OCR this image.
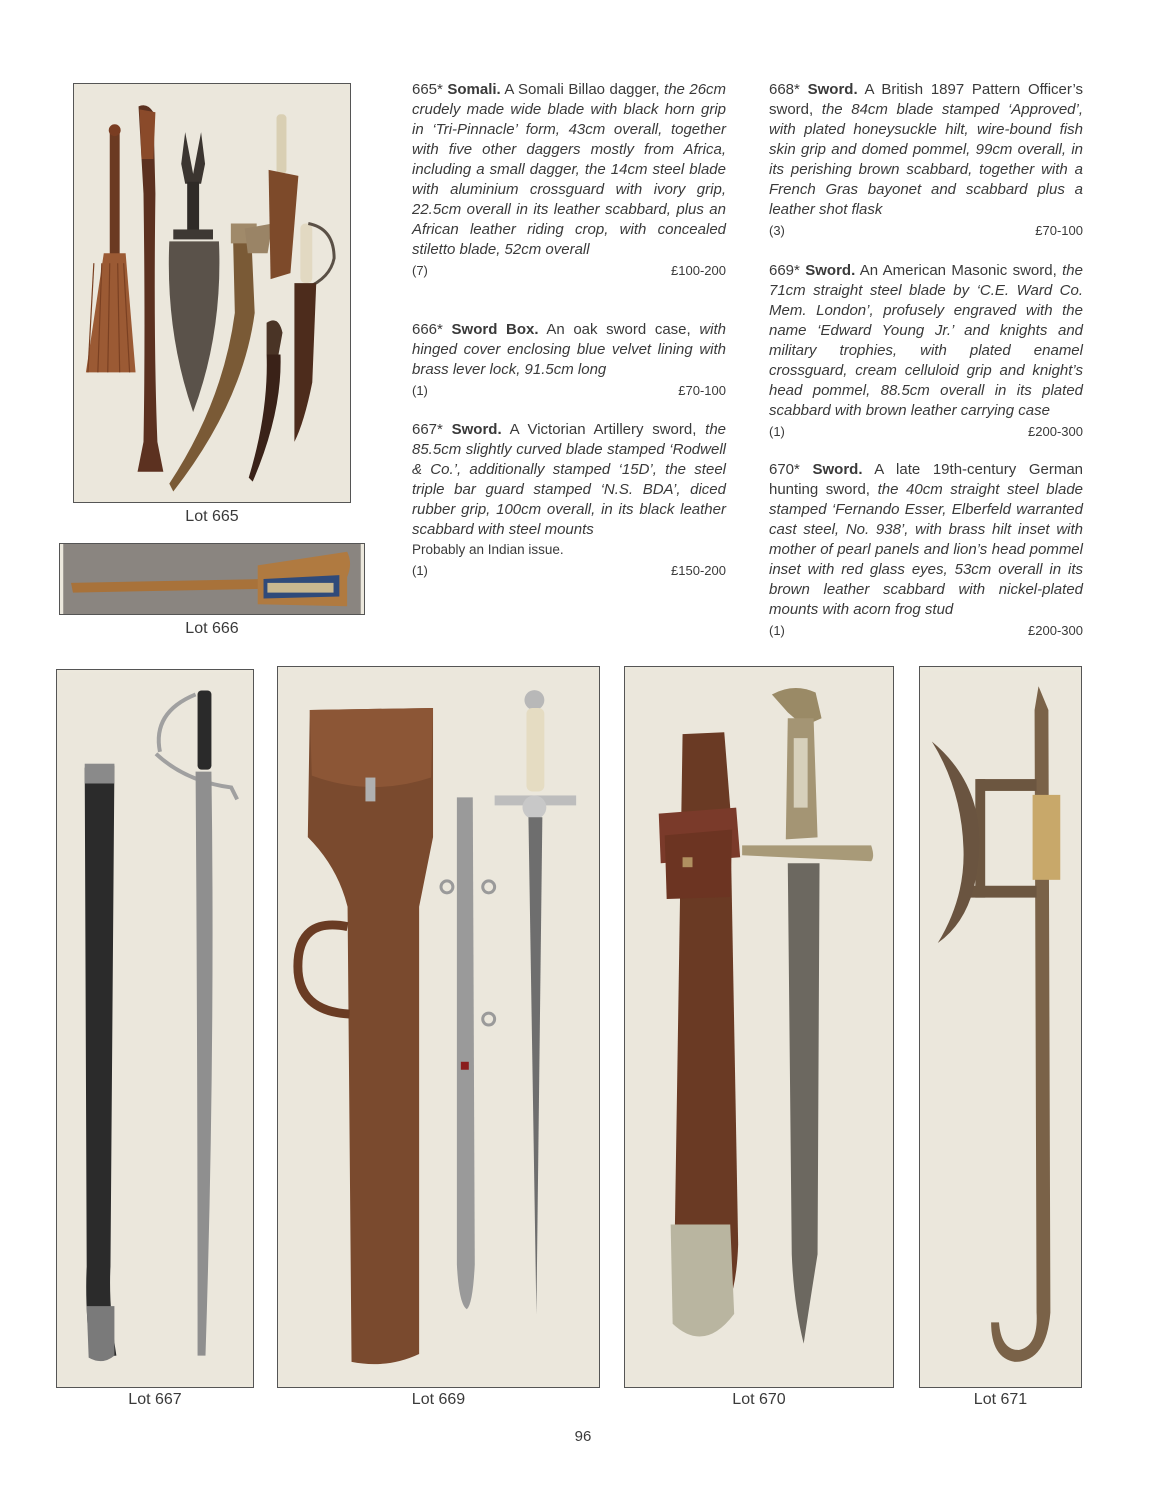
Lot 665
Lot 666
665* Somali. A Somali Billao dagger, the 26cm crudely made wide blade with black horn grip in ‘Tri-Pinnacle’ form, 43cm overall, together with five other daggers mostly from Africa, including a small dagger, the 14cm steel blade with aluminium crossguard with ivory grip, 22.5cm overall in its leather scabbard, plus an African leather riding crop, with concealed stiletto blade, 52cm overall
(7)	£100-200
666* Sword Box. An oak sword case, with hinged cover enclosing blue velvet lining with brass lever lock, 91.5cm long
(1)	£70-100
667* Sword. A Victorian Artillery sword, the 85.5cm slightly curved blade stamped ‘Rodwell & Co.’, additionally stamped ‘15D’, the steel triple bar guard stamped ‘N.S. BDA’, diced rubber grip, 100cm overall, in its black leather scabbard with steel mounts
Probably an Indian issue.
(1)	£150-200
668* Sword. A British 1897 Pattern Officer’s sword, the 84cm blade stamped ‘Approved’, with plated honeysuckle hilt, wire-bound fish skin grip and domed pommel, 99cm overall, in its perishing brown scabbard, together with a French Gras bayonet and scabbard plus a leather shot flask
(3)	£70-100
669* Sword. An American Masonic sword, the 71cm straight steel blade by ‘C.E. Ward Co. Mem. London’, profusely engraved with the name ‘Edward Young Jr.’ and knights and military trophies, with plated enamel crossguard, cream celluloid grip and knight’s head pommel, 88.5cm overall in its plated scabbard with brown leather carrying case
(1)	£200-300
670* Sword. A late 19th-century German hunting sword, the 40cm straight steel blade stamped ‘Fernando Esser, Elberfeld warranted cast steel, No. 938’, with brass hilt inset with mother of pearl panels and lion’s head pommel inset with red glass eyes, 53cm overall in its brown leather scabbard with nickel-plated mounts with acorn frog stud
(1)	£200-300
Lot 667	Lot 669	Lot 670	Lot 671
96
